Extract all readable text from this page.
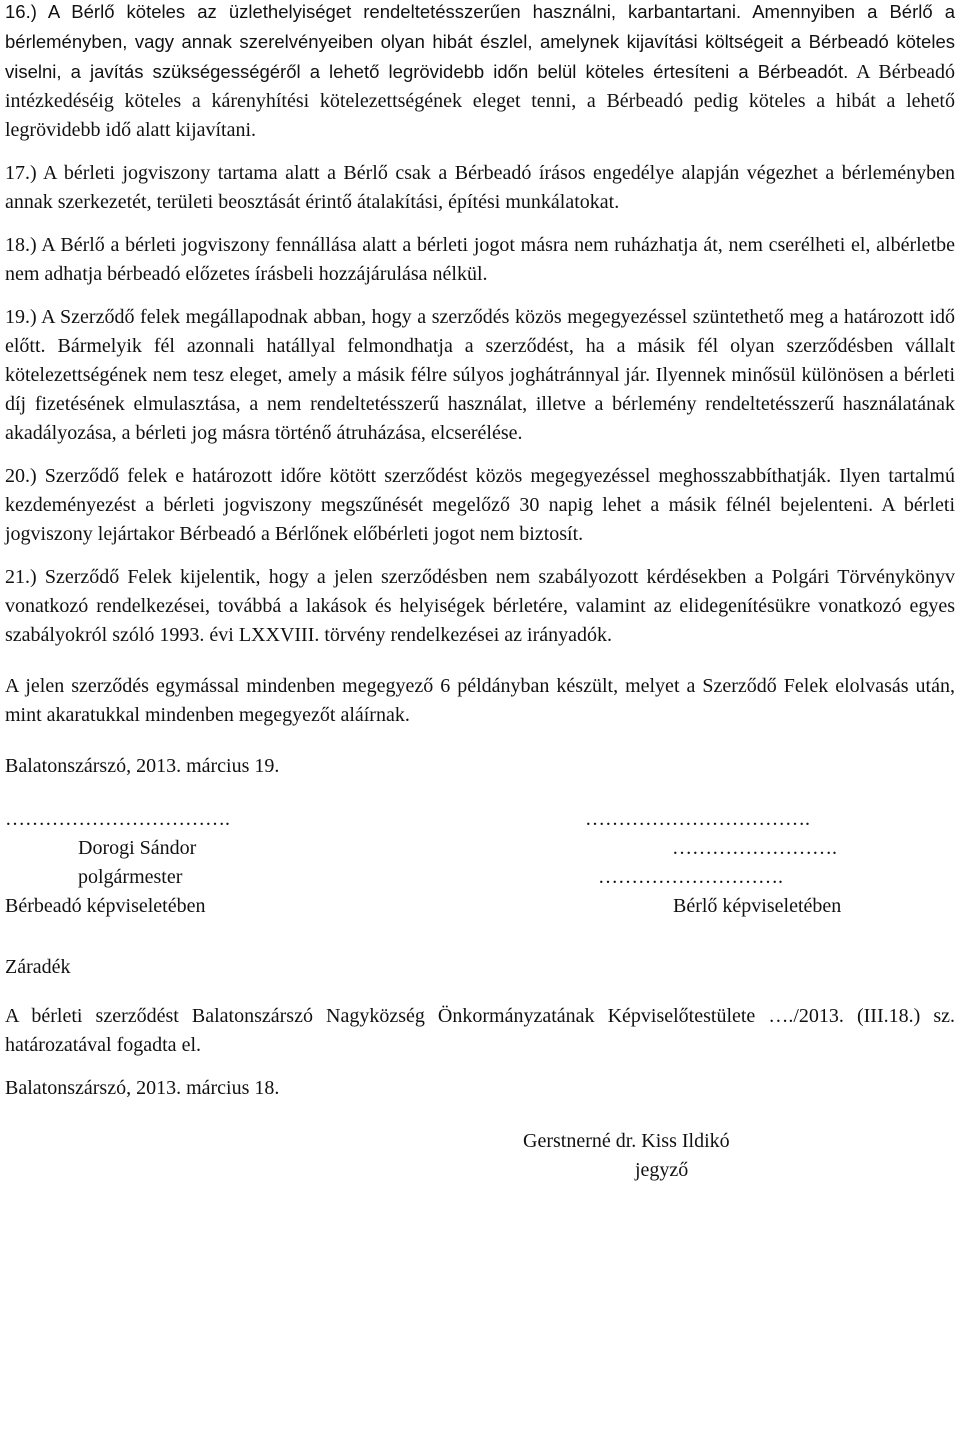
16.) A Bérlő köteles az üzlethelyiséget rendeltetésszerűen használni, karbantartani. Amennyiben a Bérlő a bérleményben, vagy annak szerelvényeiben olyan hibát észlel, amelynek kijavítási költségeit a Bérbeadó köteles viselni, a javítás szükségességéről a lehető legrövidebb időn belül köteles értesíteni a Bérbeadót. A Bérbeadó intézkedéséig köteles a kárenyhítési kötelezettségének eleget tenni, a Bérbeadó pedig köteles a hibát a lehető legrövidebb idő alatt kijavítani.

17.) A bérleti jogviszony tartama alatt a Bérlő csak a Bérbeadó írásos engedélye alapján végezhet a bérleményben annak szerkezetét, területi beosztását érintő átalakítási, építési munkálatokat.

18.) A Bérlő a bérleti jogviszony fennállása alatt a bérleti jogot másra nem ruházhatja át, nem cserélheti el, albérletbe nem adhatja bérbeadó előzetes írásbeli hozzájárulása nélkül.

19.) A Szerződő felek megállapodnak abban, hogy a szerződés közös megegyezéssel szüntethető meg a határozott idő előtt. Bármelyik fél azonnali hatállyal felmondhatja a szerződést, ha a másik fél olyan szerződésben vállalt kötelezettségének nem tesz eleget, amely a másik félre súlyos joghátránnyal jár. Ilyennek minősül különösen a bérleti díj fizetésének elmulasztása, a nem rendeltetésszerű használat, illetve a bérlemény rendeltetésszerű használatának akadályozása, a bérleti jog másra történő átruházása, elcserélése.

20.) Szerződő felek e határozott időre kötött szerződést közös megegyezéssel meghosszabbíthatják. Ilyen tartalmú kezdeményezést a bérleti jogviszony megszűnését megelőző 30 napig lehet a másik félnél bejelenteni. A bérleti jogviszony lejártakor Bérbeadó a Bérlőnek előbérleti jogot nem biztosít.

21.) Szerződő Felek kijelentik, hogy a jelen szerződésben nem szabályozott kérdésekben a Polgári Törvénykönyv vonatkozó rendelkezései, továbbá a lakások és helyiségek bérletére, valamint az elidegenítésükre vonatkozó egyes szabályokról szóló 1993. évi LXXVIII. törvény rendelkezései az irányadók.

A jelen szerződés egymással mindenben megegyező 6 példányban készült, melyet a Szerződő Felek elolvasás után, mint akaratukkal mindenben megegyezőt aláírnak.

Balatonszárszó, 2013. március 19.

…………………………….
Dorogi Sándor
polgármester
Bérbeadó képviseletében
…………………………….
…………………….
……………………….
Bérlő képviseletében

Záradék

A bérleti szerződést Balatonszárszó Nagyközség Önkormányzatának Képviselőtestülete …./2013. (III.18.) sz. határozatával fogadta el.

Balatonszárszó, 2013. március 18.

Gerstnerné dr. Kiss Ildikó
jegyző
